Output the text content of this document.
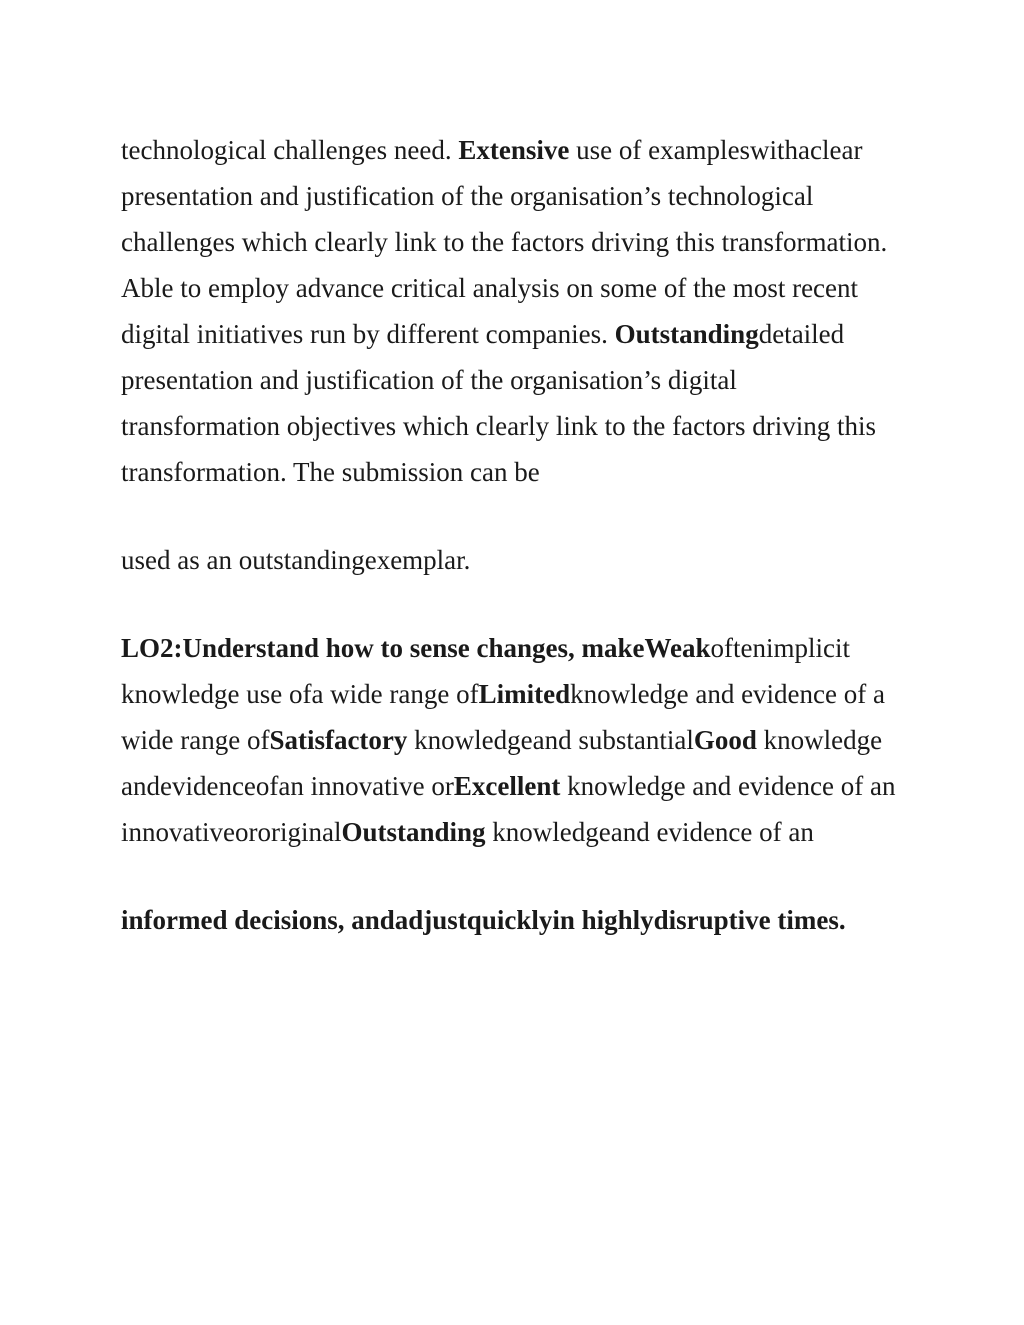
technological challenges need. Extensive use of exampleswithaclear presentation and justification of the organisation’s technological challenges which clearly link to the factors driving this transformation. Able to employ advance critical analysis on some of the most recent digital initiatives run by different companies. Outstandingdetailed presentation and justification of the organisation’s digital transformation objectives which clearly link to the factors driving this transformation. The submission can be

used as an outstandingexemplar.

LO2:Understand how to sense changes, makeWeakoftenimplicit knowledge use ofa wide range ofLimitedknowledge and evidence of a wide range ofSatisfactory knowledgeand substantialGood knowledge andevidenceofan innovative orExcellent knowledge and evidence of an innovativeororiginalOutstanding knowledgeand evidence of an

informed decisions, andadjustquicklyin highlydisruptive times.
